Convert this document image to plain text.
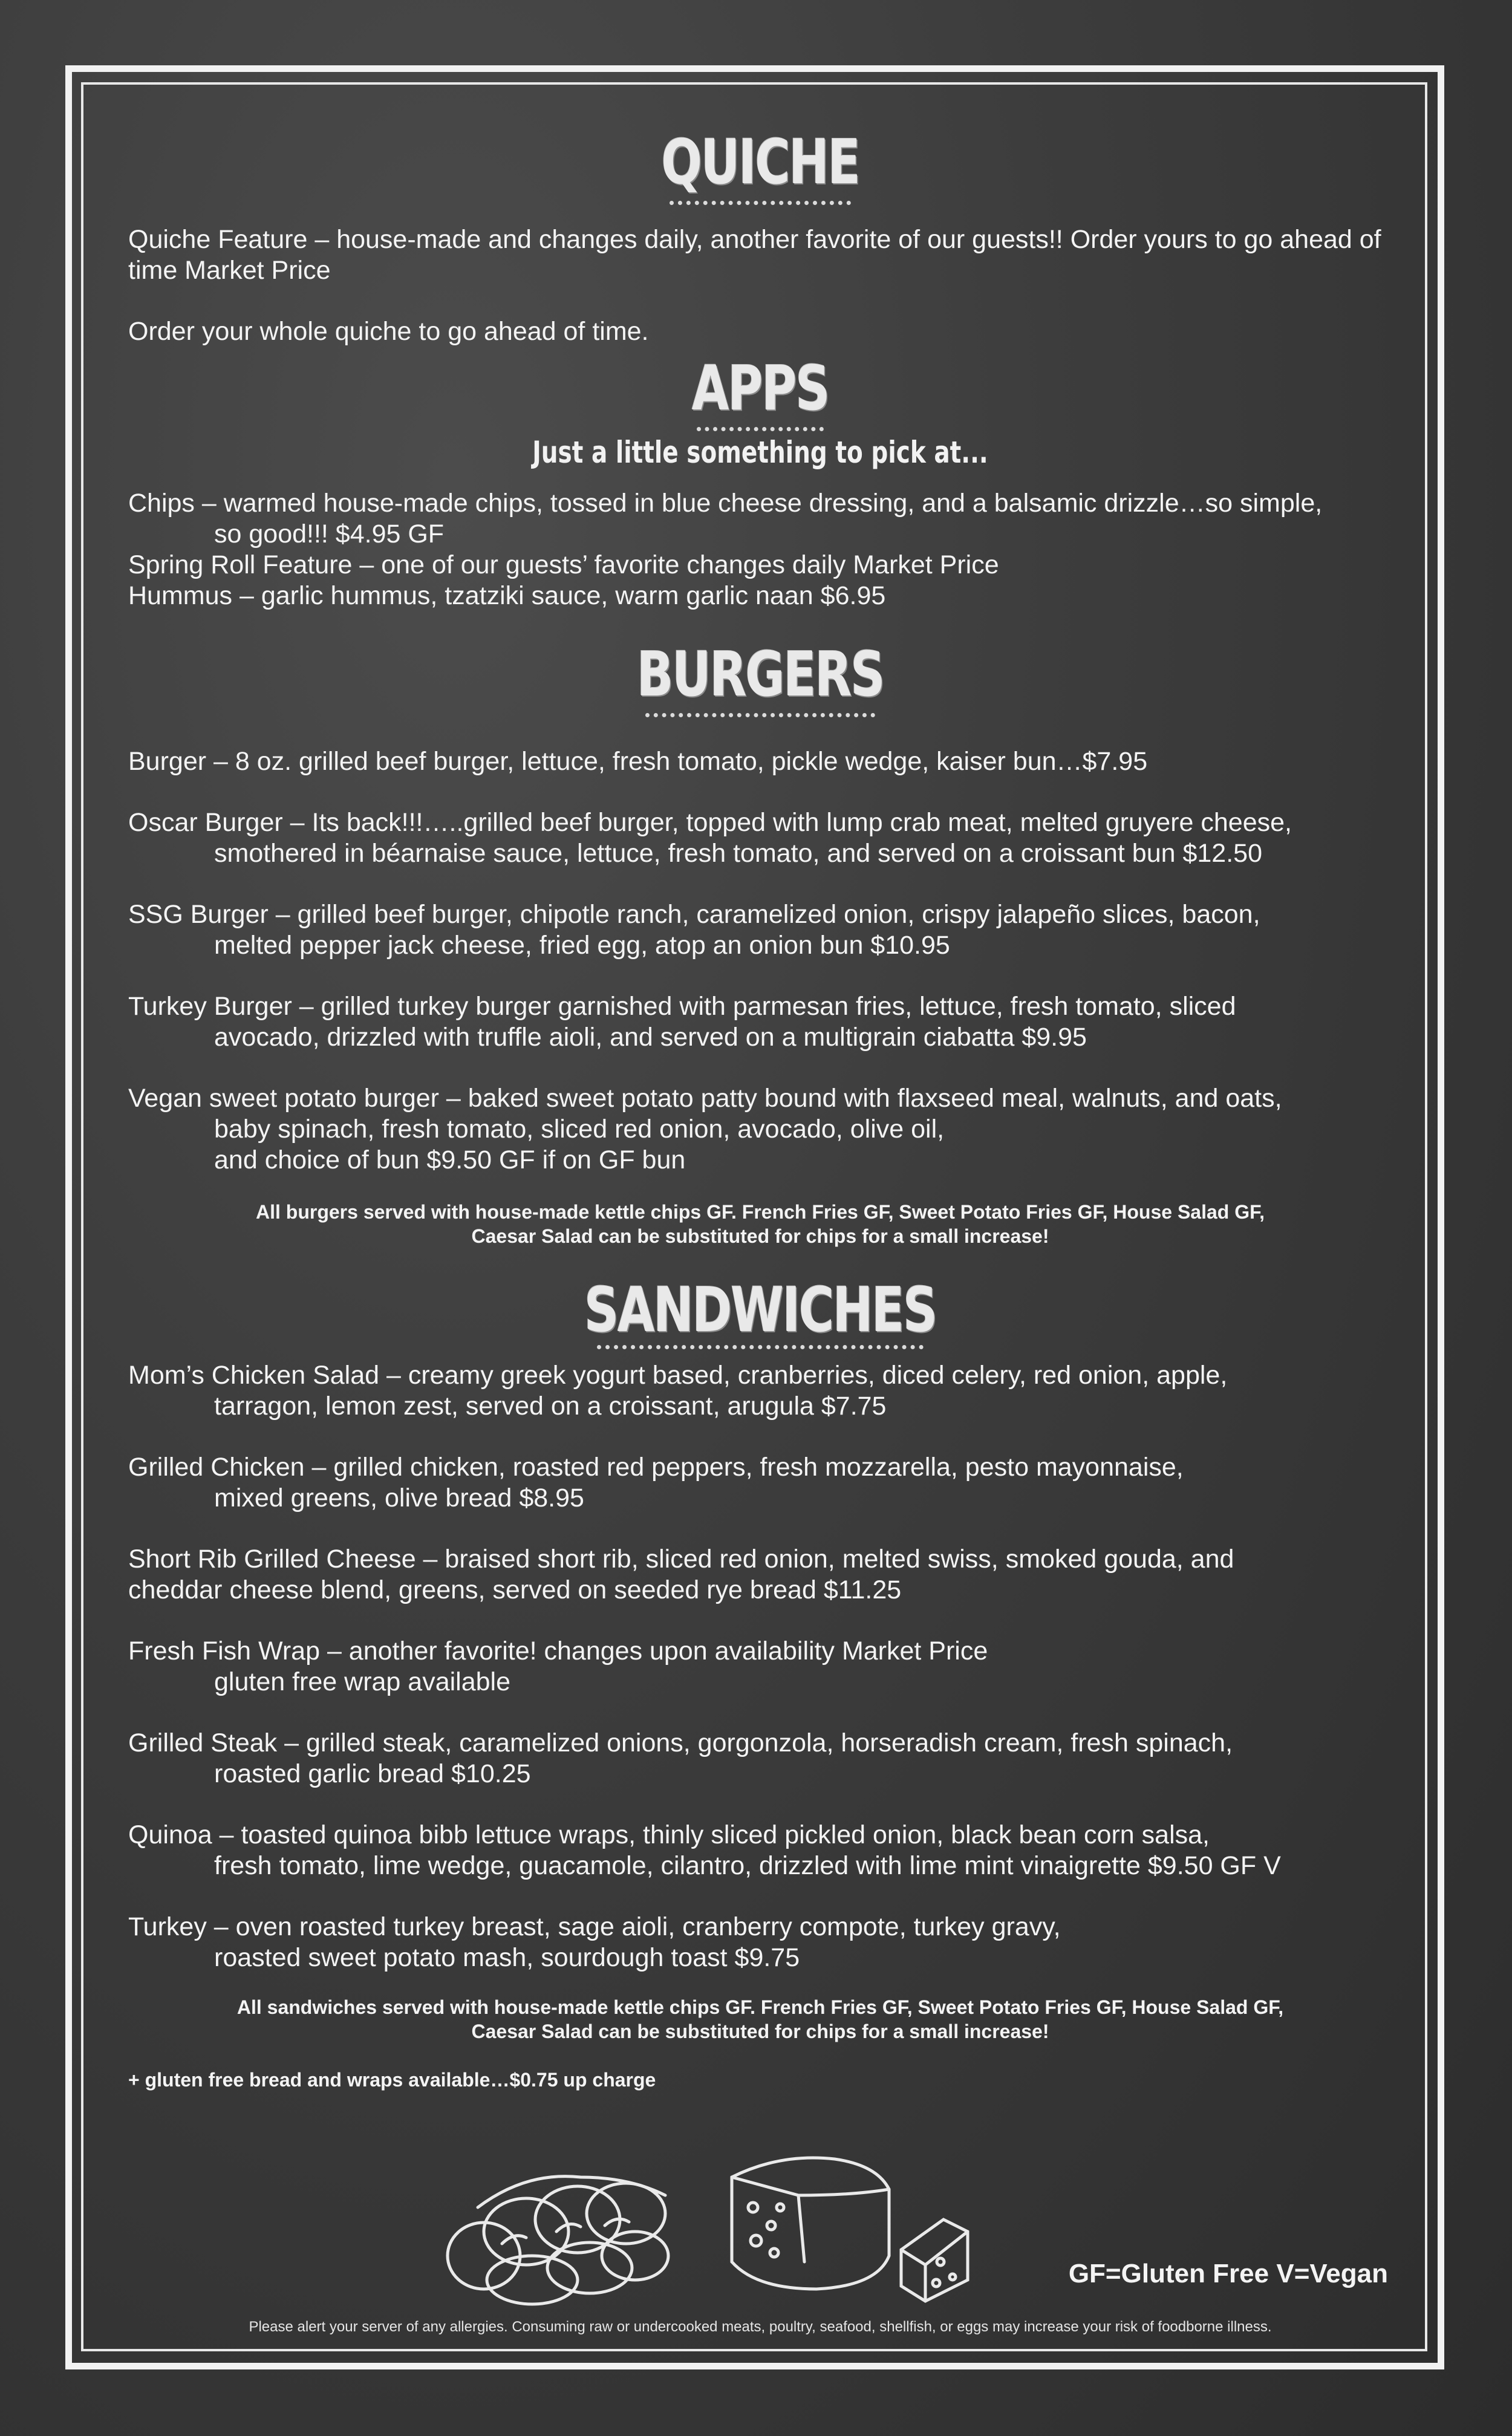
QUICHE

Quiche Feature – house-made and changes daily, another favorite of our guests!! Order yours to go ahead of time Market Price

Order your whole quiche to go ahead of time.

APPS
Just a little something to pick at...
Chips – warmed house-made chips, tossed in blue cheese dressing, and a balsamic drizzle…so simple,
so good!!! $4.95 GF
Spring Roll Feature – one of our guests’ favorite changes daily Market Price
Hummus – garlic hummus, tzatziki sauce, warm garlic naan $6.95
BURGERS
Burger – 8 oz. grilled beef burger, lettuce, fresh tomato, pickle wedge, kaiser bun…$7.95
Oscar Burger – Its back!!!…..grilled beef burger, topped with lump crab meat, melted gruyere cheese,
smothered in béarnaise sauce, lettuce, fresh tomato, and served on a croissant bun $12.50
SSG Burger – grilled beef burger, chipotle ranch, caramelized onion, crispy jalapeño slices, bacon,
melted pepper jack cheese, fried egg, atop an onion bun $10.95
Turkey Burger – grilled turkey burger garnished with parmesan fries, lettuce, fresh tomato, sliced
avocado, drizzled with truffle aioli, and served on a multigrain ciabatta $9.95
Vegan sweet potato burger – baked sweet potato patty bound with flaxseed meal, walnuts, and oats,
baby spinach, fresh tomato, sliced red onion, avocado, olive oil,
and choice of bun $9.50 GF if on GF bun
All burgers served with house-made kettle chips GF. French Fries GF, Sweet Potato Fries GF, House Salad GF,
Caesar Salad can be substituted for chips for a small increase!
SANDWICHES
Mom’s Chicken Salad – creamy greek yogurt based, cranberries, diced celery, red onion, apple,
tarragon, lemon zest, served on a croissant, arugula $7.75
Grilled Chicken – grilled chicken, roasted red peppers, fresh mozzarella, pesto mayonnaise,
mixed greens, olive bread $8.95
Short Rib Grilled Cheese – braised short rib, sliced red onion, melted swiss, smoked gouda, and
cheddar cheese blend, greens, served on seeded rye bread $11.25
Fresh Fish Wrap – another favorite! changes upon availability Market Price
gluten free wrap available
Grilled Steak – grilled steak, caramelized onions, gorgonzola, horseradish cream, fresh spinach,
roasted garlic bread $10.25
Quinoa – toasted quinoa bibb lettuce wraps, thinly sliced pickled onion, black bean corn salsa,
fresh tomato, lime wedge, guacamole, cilantro, drizzled with lime mint vinaigrette $9.50 GF V
Turkey – oven roasted turkey breast, sage aioli, cranberry compote, turkey gravy,
roasted sweet potato mash, sourdough toast $9.75
All sandwiches served with house-made kettle chips GF. French Fries GF, Sweet Potato Fries GF, House Salad GF,
Caesar Salad can be substituted for chips for a small increase!
+ gluten free bread and wraps available…$0.75 up charge
GF=Gluten Free V=Vegan
Please alert your server of any allergies. Consuming raw or undercooked meats, poultry, seafood, shellfish, or eggs may increase your risk of foodborne illness.
